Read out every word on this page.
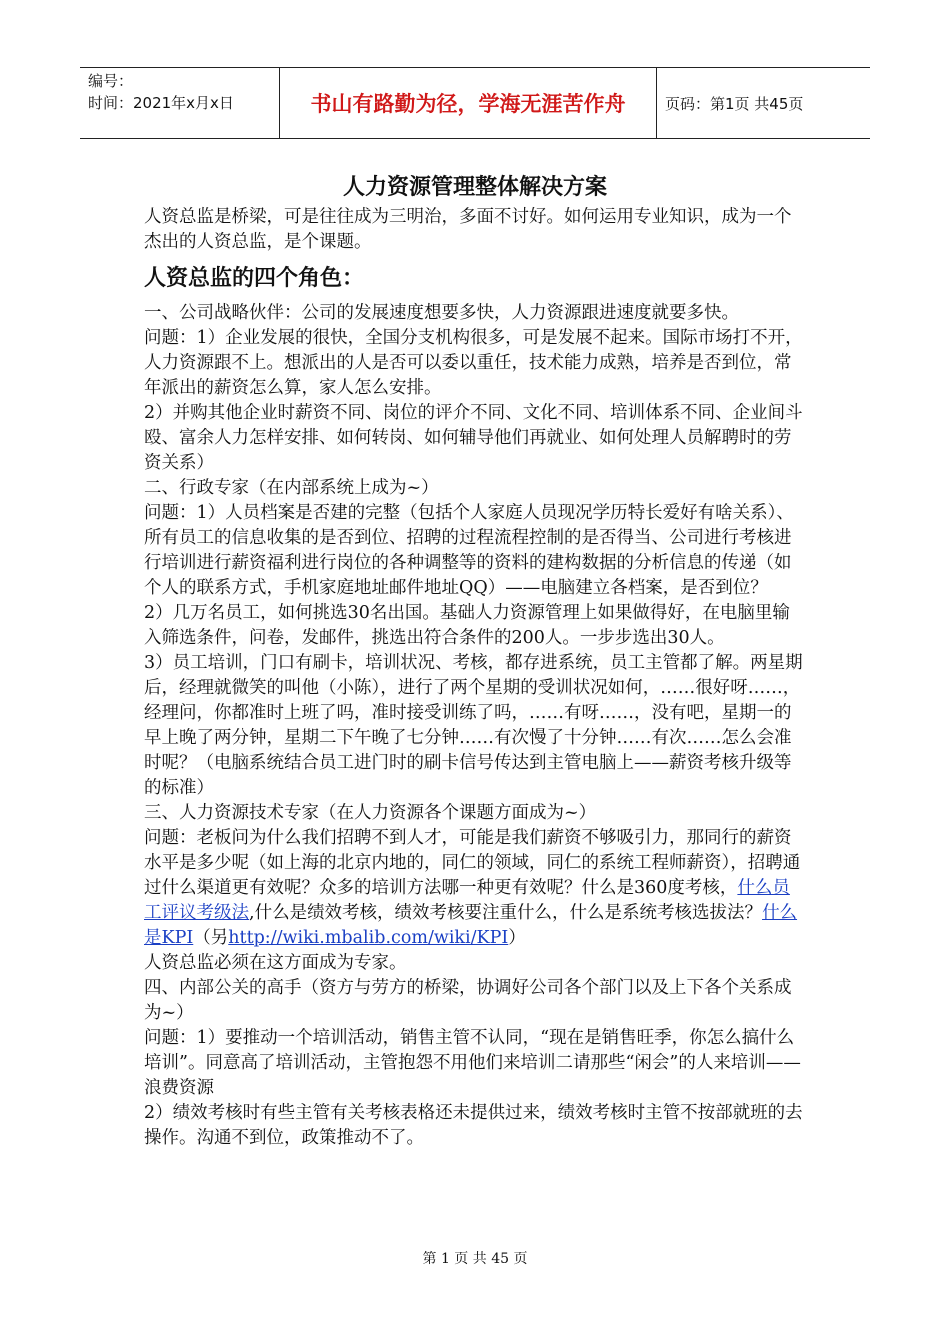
编号：
时间：2021年x月x日	书山有路勤为径，学海无涯苦作舟	页码：第1页 共45页
人力资源管理整体解决方案

人资总监是桥梁，可是往往成为三明治，多面不讨好。如何运用专业知识，成为一个杰出的人资总监，是个课题。

人资总监的四个角色：

一、公司战略伙伴：公司的发展速度想要多快，人力资源跟进速度就要多快。

问题：1）企业发展的很快，全国分支机构很多，可是发展不起来。国际市场打不开，人力资源跟不上。想派出的人是否可以委以重任，技术能力成熟，培养是否到位，常年派出的薪资怎么算，家人怎么安排。

2）并购其他企业时薪资不同、岗位的评介不同、文化不同、培训体系不同、企业间斗殴、富余人力怎样安排、如何转岗、如何辅导他们再就业、如何处理人员解聘时的劳资关系）

二、行政专家（在内部系统上成为~）

问题：1）人员档案是否建的完整（包括个人家庭人员现况学历特长爱好有啥关系）、所有员工的信息收集的是否到位、招聘的过程流程控制的是否得当、公司进行考核进行培训进行薪资福利进行岗位的各种调整等的资料的建构数据的分析信息的传递（如个人的联系方式，手机家庭地址邮件地址QQ）——电脑建立各档案，是否到位？

2）几万名员工，如何挑选30名出国。基础人力资源管理上如果做得好，在电脑里输入筛选条件，问卷，发邮件，挑选出符合条件的200人。一步步选出30人。

3）员工培训，门口有刷卡，培训状况、考核，都存进系统，员工主管都了解。两星期后，经理就微笑的叫他（小陈），进行了两个星期的受训状况如何，……很好呀……，经理问，你都准时上班了吗，准时接受训练了吗，……有呀……，没有吧，星期一的早上晚了两分钟，星期二下午晚了七分钟……有次慢了十分钟……有次……怎么会准时呢？（电脑系统结合员工进门时的刷卡信号传达到主管电脑上——薪资考核升级等的标准）

三、人力资源技术专家（在人力资源各个课题方面成为~）

问题：老板问为什么我们招聘不到人才，可能是我们薪资不够吸引力，那同行的薪资水平是多少呢（如上海的北京内地的，同仁的领域，同仁的系统工程师薪资），招聘通过什么渠道更有效呢？众多的培训方法哪一种更有效呢？什么是360度考核，什么员工评议考级法,什么是绩效考核，绩效考核要注重什么，什么是系统考核选拔法？什么是KPI（另http://wiki.mbalib.com/wiki/KPI）

人资总监必须在这方面成为专家。

四、内部公关的高手（资方与劳方的桥梁，协调好公司各个部门以及上下各个关系成为~）

问题：1）要推动一个培训活动，销售主管不认同，“现在是销售旺季，你怎么搞什么培训”。同意高了培训活动，主管抱怨不用他们来培训二请那些“闲会”的人来培训——浪费资源

2）绩效考核时有些主管有关考核表格还未提供过来，绩效考核时主管不按部就班的去操作。沟通不到位，政策推动不了。

第 1 页 共 45 页
